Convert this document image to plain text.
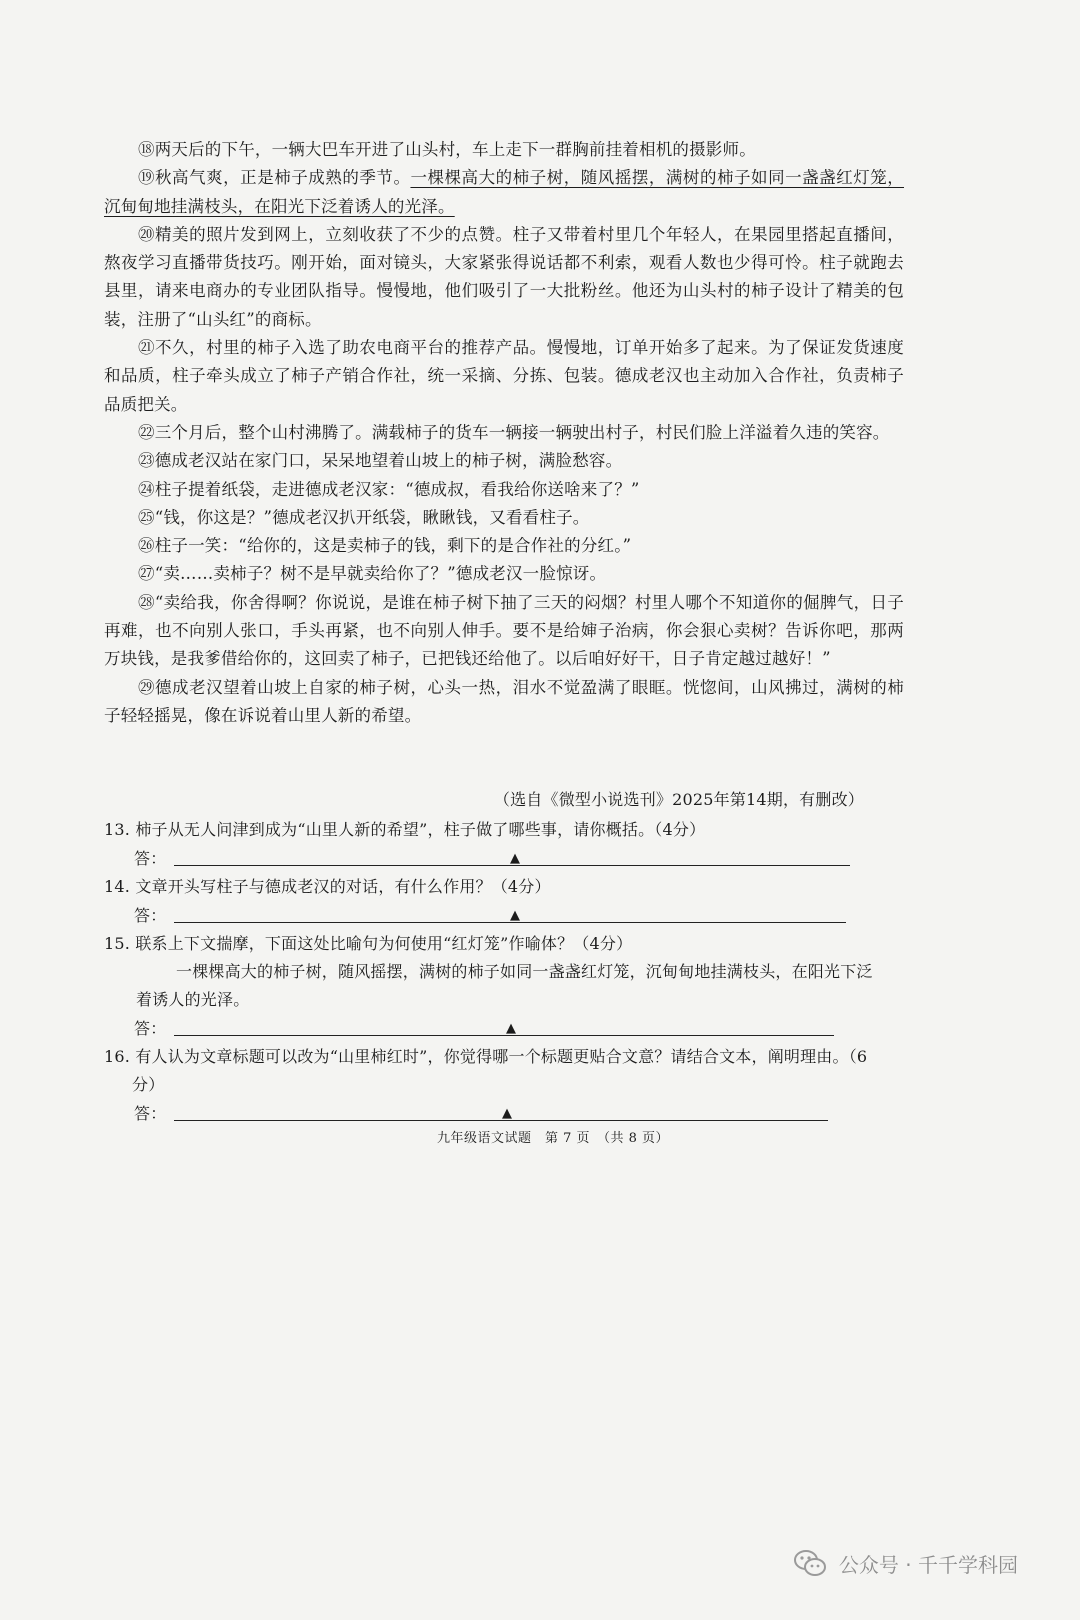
⑱两天后的下午，一辆大巴车开进了山头村，车上走下一群胸前挂着相机的摄影师。

⑲秋高气爽，正是柿子成熟的季节。一棵棵高大的柿子树，随风摇摆，满树的柿子如同一盏盏红灯笼，沉甸甸地挂满枝头，在阳光下泛着诱人的光泽。

⑳精美的照片发到网上，立刻收获了不少的点赞。柱子又带着村里几个年轻人，在果园里搭起直播间，熬夜学习直播带货技巧。刚开始，面对镜头，大家紧张得说话都不利索，观看人数也少得可怜。柱子就跑去县里，请来电商办的专业团队指导。慢慢地，他们吸引了一大批粉丝。他还为山头村的柿子设计了精美的包装，注册了“山头红”的商标。

㉑不久，村里的柿子入选了助农电商平台的推荐产品。慢慢地，订单开始多了起来。为了保证发货速度和品质，柱子牵头成立了柿子产销合作社，统一采摘、分拣、包装。德成老汉也主动加入合作社，负责柿子品质把关。

㉒三个月后，整个山村沸腾了。满载柿子的货车一辆接一辆驶出村子，村民们脸上洋溢着久违的笑容。

㉓德成老汉站在家门口，呆呆地望着山坡上的柿子树，满脸愁容。

㉔柱子提着纸袋，走进德成老汉家：“德成叔，看我给你送啥来了？”

㉕“钱，你这是？”德成老汉扒开纸袋，瞅瞅钱，又看看柱子。

㉖柱子一笑：“给你的，这是卖柿子的钱，剩下的是合作社的分红。”

㉗“卖……卖柿子？树不是早就卖给你了？”德成老汉一脸惊讶。

㉘“卖给我，你舍得啊？你说说，是谁在柿子树下抽了三天的闷烟？村里人哪个不知道你的倔脾气，日子再难，也不向别人张口，手头再紧，也不向别人伸手。要不是给婶子治病，你会狠心卖树？告诉你吧，那两万块钱，是我爹借给你的，这回卖了柿子，已把钱还给他了。以后咱好好干，日子肯定越过越好！”

㉙德成老汉望着山坡上自家的柿子树，心头一热，泪水不觉盈满了眼眶。恍惚间，山风拂过，满树的柿子轻轻摇晃，像在诉说着山里人新的希望。

（选自《微型小说选刊》2025年第14期，有删改）

13. 柿子从无人问津到成为“山里人新的希望”，柱子做了哪些事，请你概括。（4分）

答：	▲

14. 文章开头写柱子与德成老汉的对话，有什么作用？（4分）

答：	▲

15. 联系上下文揣摩，下面这处比喻句为何使用“红灯笼”作喻体？（4分）

一棵棵高大的柿子树，随风摇摆，满树的柿子如同一盏盏红灯笼，沉甸甸地挂满枝头，在阳光下泛着诱人的光泽。

答：	▲

16. 有人认为文章标题可以改为“山里柿红时”，你觉得哪一个标题更贴合文意？请结合文本，阐明理由。（6分）

答：	▲
九年级语文试题　第 7 页　（共 8 页）
公众号 · 千千学科园
